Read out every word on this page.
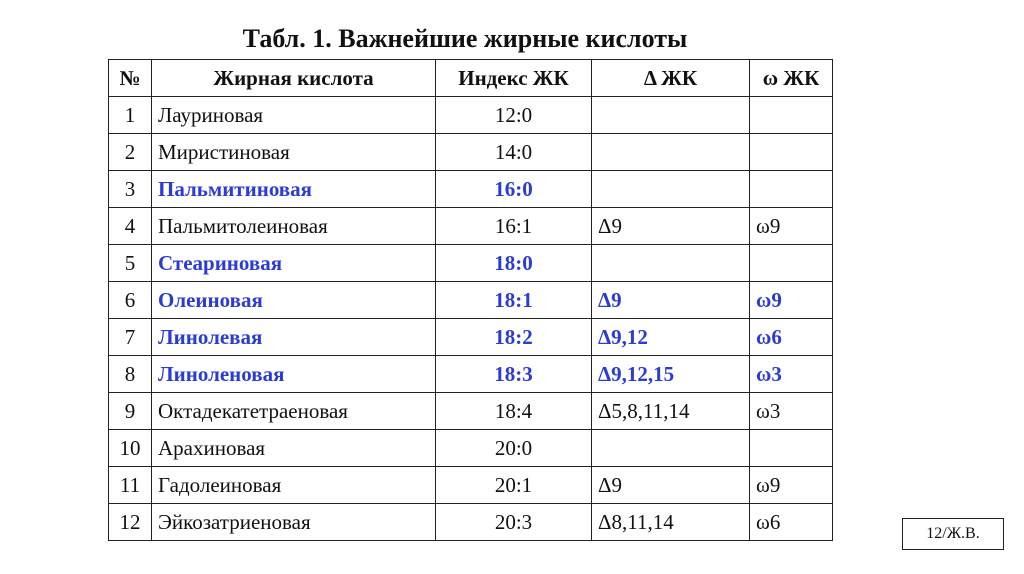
Табл. 1. Важнейшие жирные кислоты
№	Жирная кислота	Индекс ЖК	Δ ЖК	ω ЖК
1	Лауриновая	12:0		
2	Миристиновая	14:0		
3	Пальмитиновая	16:0		
4	Пальмитолеиновая	16:1	Δ9	ω9
5	Стеариновая	18:0		
6	Олеиновая	18:1	Δ9	ω9
7	Линолевая	18:2	Δ9,12	ω6
8	Линоленовая	18:3	Δ9,12,15	ω3
9	Октадекатетраеновая	18:4	Δ5,8,11,14	ω3
10	Арахиновая	20:0		
11	Гадолеиновая	20:1	Δ9	ω9
12	Эйкозатриеновая	20:3	Δ8,11,14	ω6	12/Ж.В.
